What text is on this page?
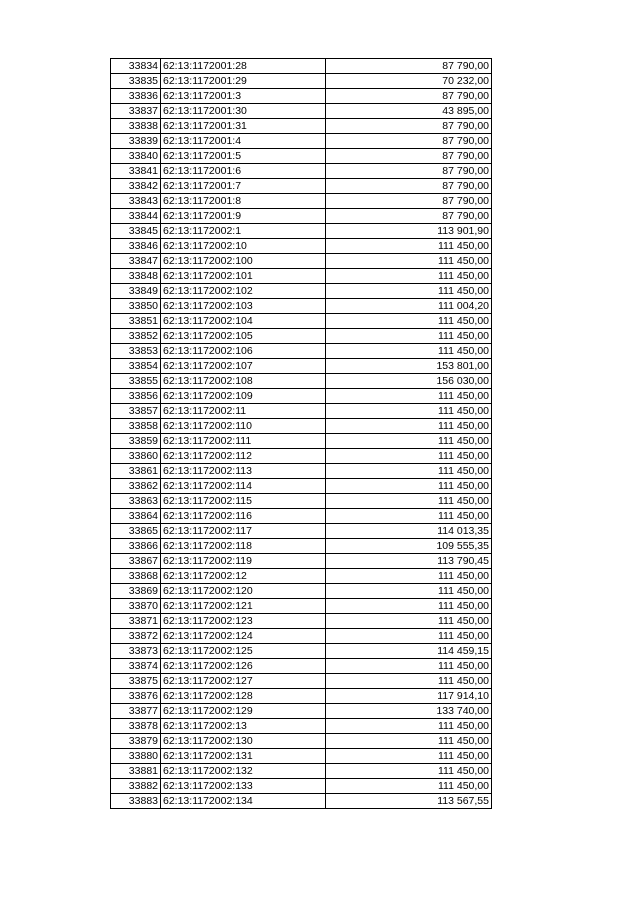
33834	62:13:1172001:28	87 790,00
33835	62:13:1172001:29	70 232,00
33836	62:13:1172001:3	87 790,00
33837	62:13:1172001:30	43 895,00
33838	62:13:1172001:31	87 790,00
33839	62:13:1172001:4	87 790,00
33840	62:13:1172001:5	87 790,00
33841	62:13:1172001:6	87 790,00
33842	62:13:1172001:7	87 790,00
33843	62:13:1172001:8	87 790,00
33844	62:13:1172001:9	87 790,00
33845	62:13:1172002:1	113 901,90
33846	62:13:1172002:10	111 450,00
33847	62:13:1172002:100	111 450,00
33848	62:13:1172002:101	111 450,00
33849	62:13:1172002:102	111 450,00
33850	62:13:1172002:103	111 004,20
33851	62:13:1172002:104	111 450,00
33852	62:13:1172002:105	111 450,00
33853	62:13:1172002:106	111 450,00
33854	62:13:1172002:107	153 801,00
33855	62:13:1172002:108	156 030,00
33856	62:13:1172002:109	111 450,00
33857	62:13:1172002:11	111 450,00
33858	62:13:1172002:110	111 450,00
33859	62:13:1172002:111	111 450,00
33860	62:13:1172002:112	111 450,00
33861	62:13:1172002:113	111 450,00
33862	62:13:1172002:114	111 450,00
33863	62:13:1172002:115	111 450,00
33864	62:13:1172002:116	111 450,00
33865	62:13:1172002:117	114 013,35
33866	62:13:1172002:118	109 555,35
33867	62:13:1172002:119	113 790,45
33868	62:13:1172002:12	111 450,00
33869	62:13:1172002:120	111 450,00
33870	62:13:1172002:121	111 450,00
33871	62:13:1172002:123	111 450,00
33872	62:13:1172002:124	111 450,00
33873	62:13:1172002:125	114 459,15
33874	62:13:1172002:126	111 450,00
33875	62:13:1172002:127	111 450,00
33876	62:13:1172002:128	117 914,10
33877	62:13:1172002:129	133 740,00
33878	62:13:1172002:13	111 450,00
33879	62:13:1172002:130	111 450,00
33880	62:13:1172002:131	111 450,00
33881	62:13:1172002:132	111 450,00
33882	62:13:1172002:133	111 450,00
33883	62:13:1172002:134	113 567,55
